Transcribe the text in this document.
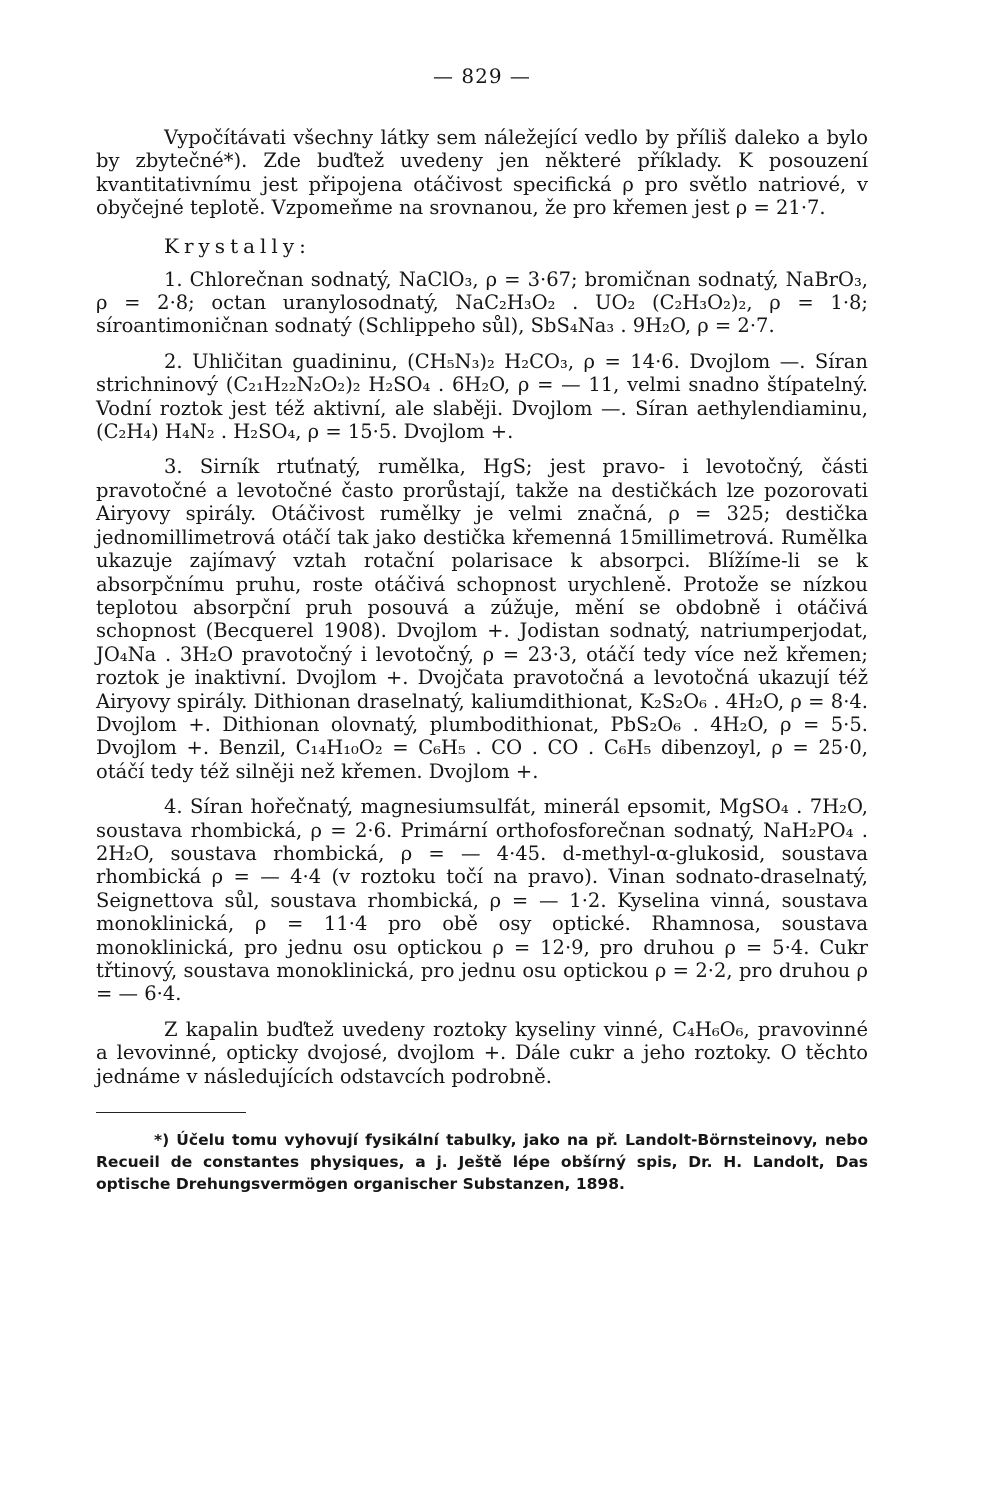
— 829 —

Vypočítávati všechny látky sem náležející vedlo by příliš daleko a bylo by zbytečné*). Zde buďtež uvedeny jen některé příklady. K posouzení kvantitativnímu jest připojena otáčivost specifická ρ pro světlo natriové, v obyčejné teplotě. Vzpomeňme na srovnanou, že pro křemen jest ρ = 21·7.

Krystally:

1. Chlorečnan sodnatý, NaClO₃, ρ = 3·67; bromičnan sodnatý, NaBrO₃, ρ = 2·8; octan uranylosodnatý, NaC₂H₃O₂ . UO₂ (C₂H₃O₂)₂, ρ = 1·8; síroantimoničnan sodnatý (Schlippeho sůl), SbS₄Na₃ . 9H₂O, ρ = 2·7.

2. Uhličitan guadininu, (CH₅N₃)₂ H₂CO₃, ρ = 14·6. Dvojlom —. Síran strichninový (C₂₁H₂₂N₂O₂)₂ H₂SO₄ . 6H₂O, ρ = — 11, velmi snadno štípatelný. Vodní roztok jest též aktivní, ale slaběji. Dvojlom —. Síran aethylendiaminu, (C₂H₄) H₄N₂ . H₂SO₄, ρ = 15·5. Dvojlom +.

3. Sirník rtuťnatý, rumělka, HgS; jest pravo- i levotočný, části pravotočné a levotočné často prorůstají, takže na destičkách lze pozorovati Airyovy spirály. Otáčivost rumělky je velmi značná, ρ = 325; destička jednomillimetrová otáčí tak jako destička křemenná 15millimetrová. Rumělka ukazuje zajímavý vztah rotační polarisace k absorpci. Blížíme-li se k absorpčnímu pruhu, roste otáčivá schopnost urychleně. Protože se nízkou teplotou absorpční pruh posouvá a zúžuje, mění se obdobně i otáčivá schopnost (Becquerel 1908). Dvojlom +. Jodistan sodnatý, natriumperjodat, JO₄Na . 3H₂O pravotočný i levotočný, ρ = 23·3, otáčí tedy více než křemen; roztok je inaktivní. Dvojlom +. Dvojčata pravotočná a levotočná ukazují též Airyovy spirály. Dithionan draselnatý, kaliumdithionat, K₂S₂O₆ . 4H₂O, ρ = 8·4. Dvojlom +. Dithionan olovnatý, plumbodithionat, PbS₂O₆ . 4H₂O, ρ = 5·5. Dvojlom +. Benzil, C₁₄H₁₀O₂ = C₆H₅ . CO . CO . C₆H₅ dibenzoyl, ρ = 25·0, otáčí tedy též silněji než křemen. Dvojlom +.

4. Síran hořečnatý, magnesiumsulfát, minerál epsomit, MgSO₄ . 7H₂O, soustava rhombická, ρ = 2·6. Primární orthofosforečnan sodnatý, NaH₂PO₄ . 2H₂O, soustava rhombická, ρ = — 4·45. d-methyl-α-glukosid, soustava rhombická ρ = — 4·4 (v roztoku točí na pravo). Vinan sodnato-draselnatý, Seignettova sůl, soustava rhombická, ρ = — 1·2. Kyselina vinná, soustava monoklinická, ρ = 11·4 pro obě osy optické. Rhamnosa, soustava monoklinická, pro jednu osu optickou ρ = 12·9, pro druhou ρ = 5·4. Cukr třtinový, soustava monoklinická, pro jednu osu optickou ρ = 2·2, pro druhou ρ = — 6·4.

Z kapalin buďtež uvedeny roztoky kyseliny vinné, C₄H₆O₆, pravovinné a levovinné, opticky dvojosé, dvojlom +. Dále cukr a jeho roztoky. O těchto jednáme v následujících odstavcích podrobně.

*) Účelu tomu vyhovují fysikální tabulky, jako na př. Landolt-Börnsteinovy, nebo Recueil de constantes physiques, a j. Ještě lépe obšírný spis, Dr. H. Landolt, Das optische Drehungsvermögen organischer Substanzen, 1898.
